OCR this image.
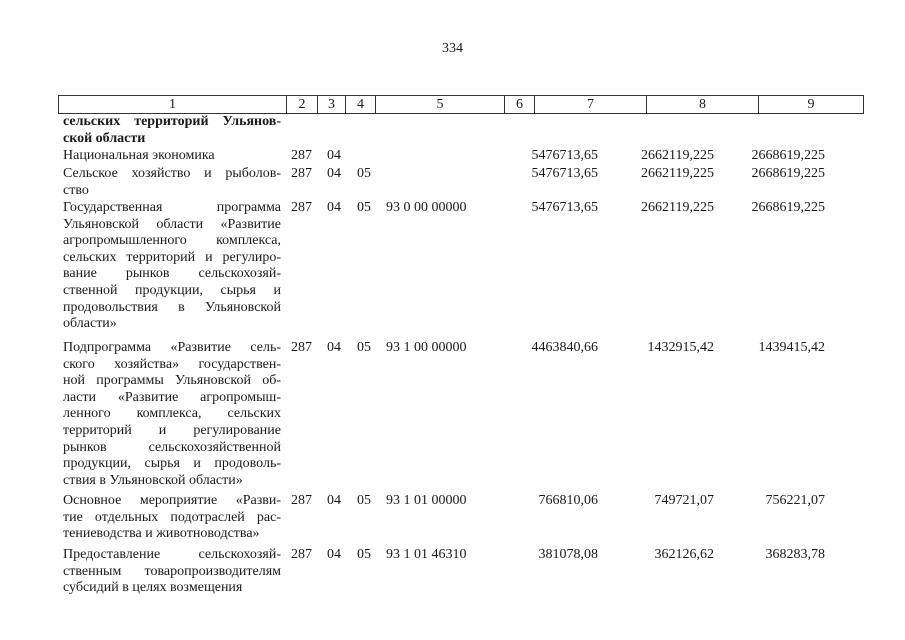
334
1	2	3	4	5	6	7	8	9
сельских территорий Ульянов-
ской области
Национальная экономика	287 04	5476713,65	2662119,225	2668619,225
Сельское хозяйство и рыболов-
ство
287 04 05	5476713,65	2662119,225	2668619,225
Государственная программа
Ульяновской области «Развитие
агропромышленного комплекса,
сельских территорий и регулиро-
вание рынков сельскохозяй-
ственной продукции, сырья и
продовольствия в Ульяновской
области»
287 04 05 93 0 00 00000	5476713,65	2662119,225	2668619,225
Подпрограмма «Развитие сель-
ского хозяйства» государствен-
ной программы Ульяновской об-
ласти «Развитие агропромыш-
ленного комплекса, сельских
территорий и регулирование
рынков сельскохозяйственной
продукции, сырья и продоволь-
ствия в Ульяновской области»
287 04 05 93 1 00 00000	4463840,66	1432915,42	1439415,42
Основное мероприятие «Разви-
тие отдельных подотраслей рас-
тениеводства и животноводства»
287 04 05 93 1 01 00000	766810,06	749721,07	756221,07
Предоставление сельскохозяй-
ственным товаропроизводителям
субсидий в целях возмещения
287 04 05 93 1 01 46310	381078,08	362126,62	368283,78
